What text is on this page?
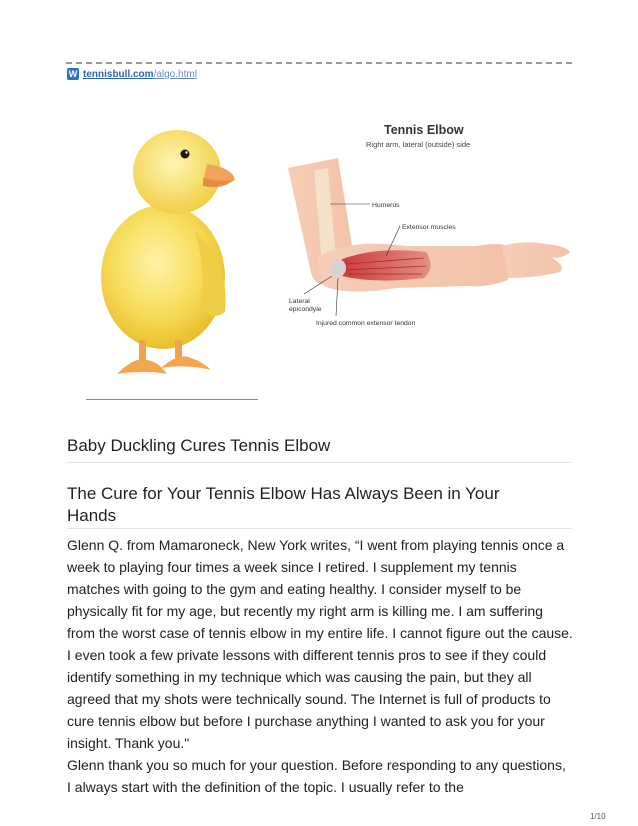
W tennisbull.com/algo.html
Tennis Elbow
Right arm, lateral (outside) side
Humerus
Extensor muscles
Lateral
epicondyle
Injured common extensor tendon
Baby Duckling Cures Tennis Elbow
The Cure for Your Tennis Elbow Has Always Been in Your Hands

Glenn Q. from Mamaroneck, New York writes, “I went from playing tennis once a week to playing four times a week since I retired. I supplement my tennis matches with going to the gym and eating healthy. I consider myself to be physically fit for my age, but recently my right arm is killing me. I am suffering from the worst case of tennis elbow in my entire life. I cannot figure out the cause. I even took a few private lessons with different tennis pros to see if they could identify something in my technique which was causing the pain, but they all agreed that my shots were technically sound. The Internet is full of products to cure tennis elbow but before I purchase anything I wanted to ask you for your insight. Thank you."

Glenn thank you so much for your question. Before responding to any questions, I always start with the definition of the topic. I usually refer to the

1/10
